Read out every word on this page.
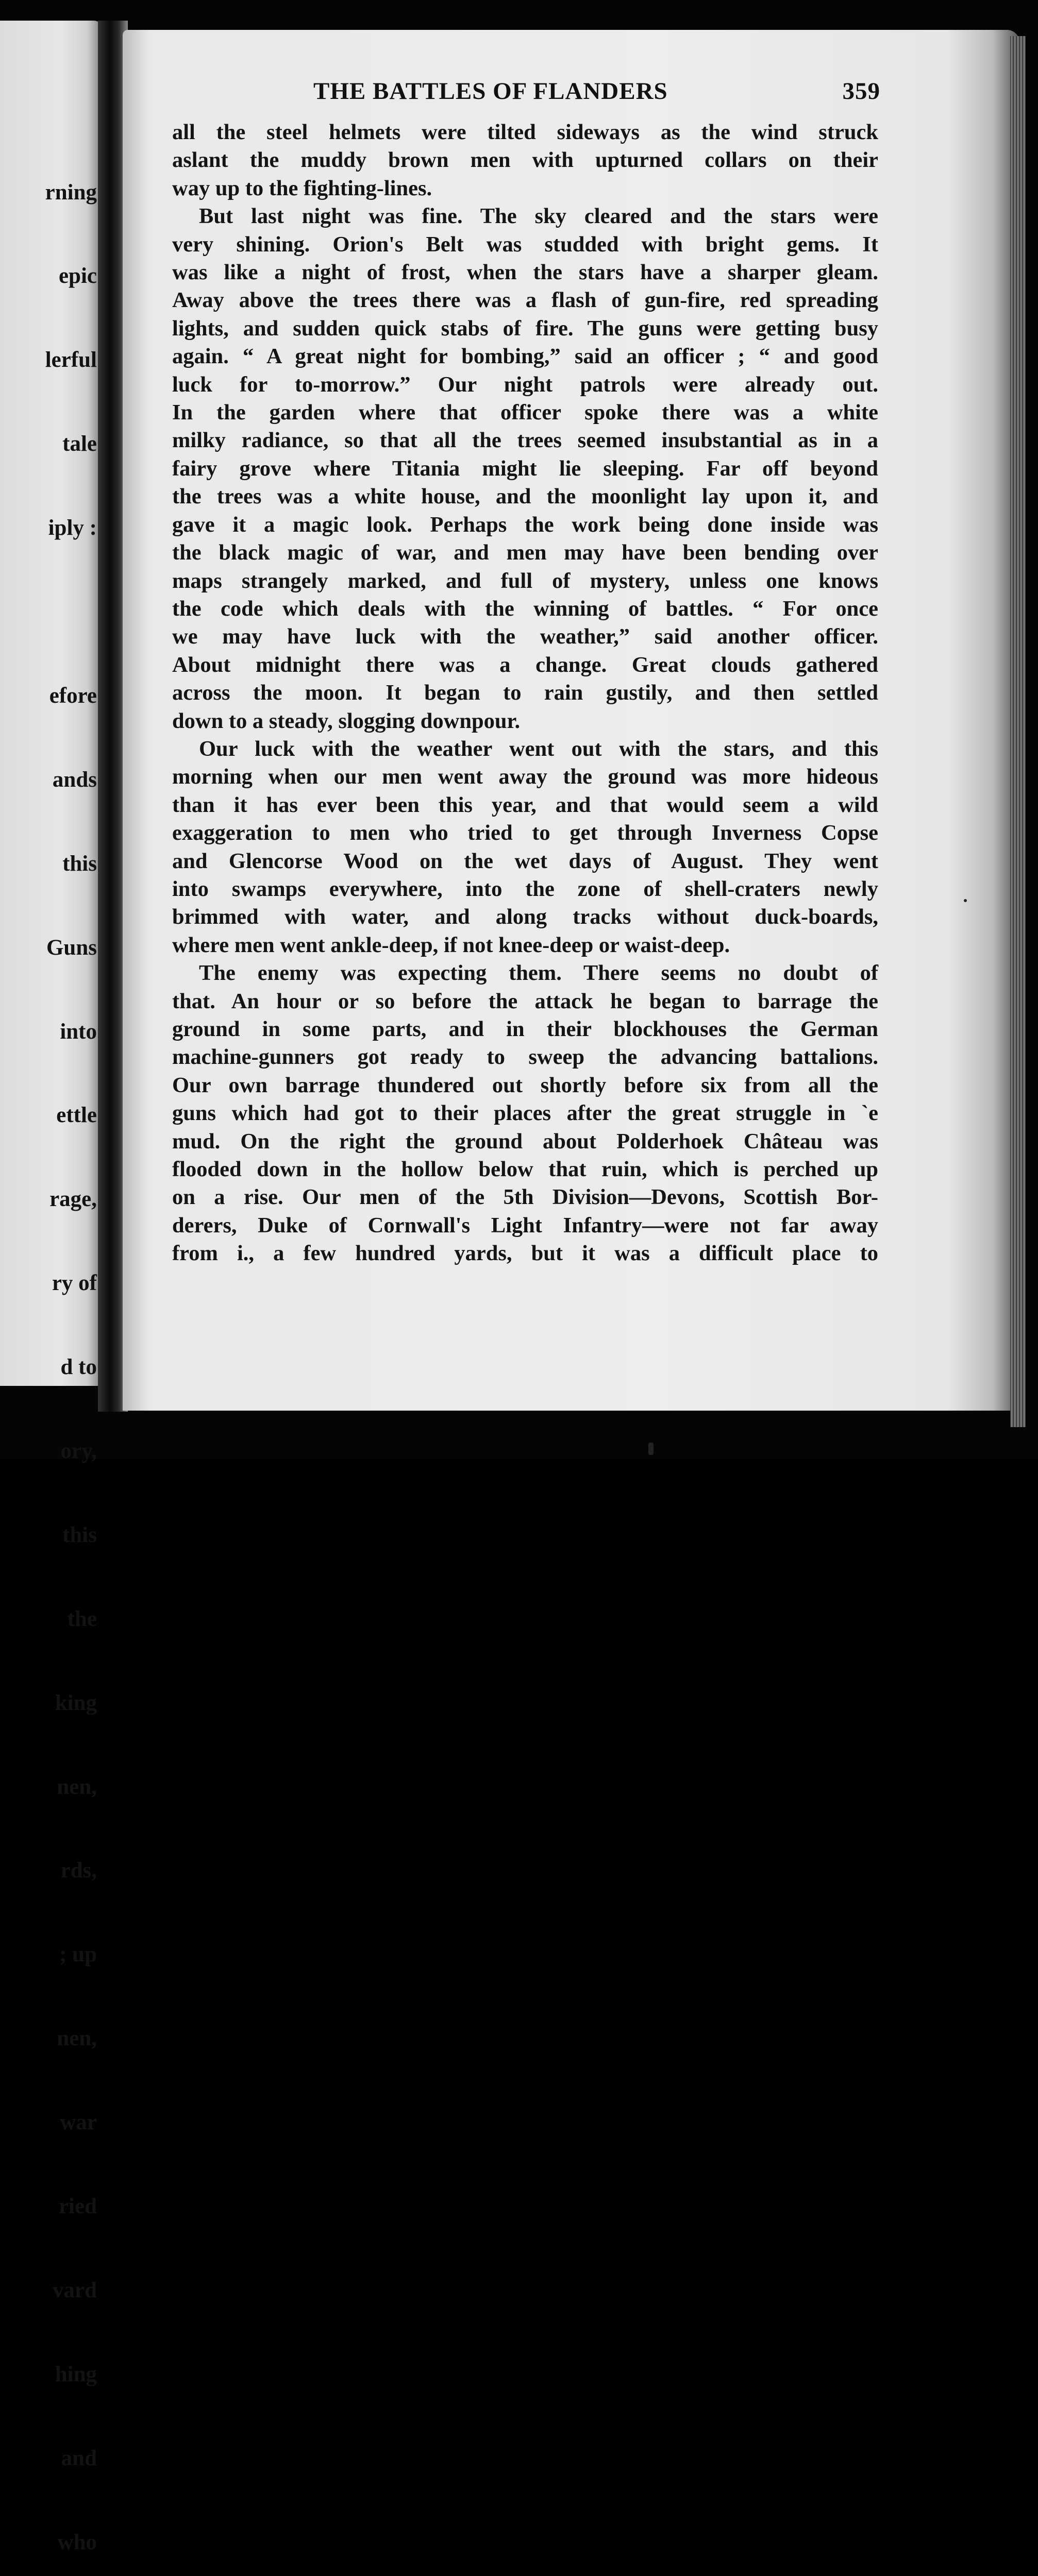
rning

epic

lerful

tale

iply :

efore

ands

this

Guns

into

ettle

rage,

ry of

d to

ory,

this

the

king

nen,

rds,

; up

nen,

war

ried

vard

hing

and

who

THE BATTLES OF FLANDERS	359
all the steel helmets were tilted sideways as the wind struck
aslant the muddy brown men with upturned collars on their
way up to the fighting-lines.
But last night was fine. The sky cleared and the stars were
very shining. Orion's Belt was studded with bright gems. It
was like a night of frost, when the stars have a sharper gleam.
Away above the trees there was a flash of gun-fire, red spreading
lights, and sudden quick stabs of fire. The guns were getting busy
again. “ A great night for bombing,” said an officer ; “ and good
luck for to-morrow.” Our night patrols were already out.
In the garden where that officer spoke there was a white
milky radiance, so that all the trees seemed insubstantial as in a
fairy grove where Titania might lie sleeping. Far off beyond
the trees was a white house, and the moonlight lay upon it, and
gave it a magic look. Perhaps the work being done inside was
the black magic of war, and men may have been bending over
maps strangely marked, and full of mystery, unless one knows
the code which deals with the winning of battles. “ For once
we may have luck with the weather,” said another officer.
About midnight there was a change. Great clouds gathered
across the moon. It began to rain gustily, and then settled
down to a steady, slogging downpour.
Our luck with the weather went out with the stars, and this
morning when our men went away the ground was more hideous
than it has ever been this year, and that would seem a wild
exaggeration to men who tried to get through Inverness Copse
and Glencorse Wood on the wet days of August. They went
into swamps everywhere, into the zone of shell-craters newly
brimmed with water, and along tracks without duck-boards,
where men went ankle-deep, if not knee-deep or waist-deep.
The enemy was expecting them. There seems no doubt of
that. An hour or so before the attack he began to barrage the
ground in some parts, and in their blockhouses the German
machine-gunners got ready to sweep the advancing battalions.
Our own barrage thundered out shortly before six from all the
guns which had got to their places after the great struggle in `e
mud. On the right the ground about Polderhoek Château was
flooded down in the hollow below that ruin, which is perched up
on a rise. Our men of the 5th Division—Devons, Scottish Bor-
derers, Duke of Cornwall's Light Infantry—were not far away
from i., a few hundred yards, but it was a difficult place to
